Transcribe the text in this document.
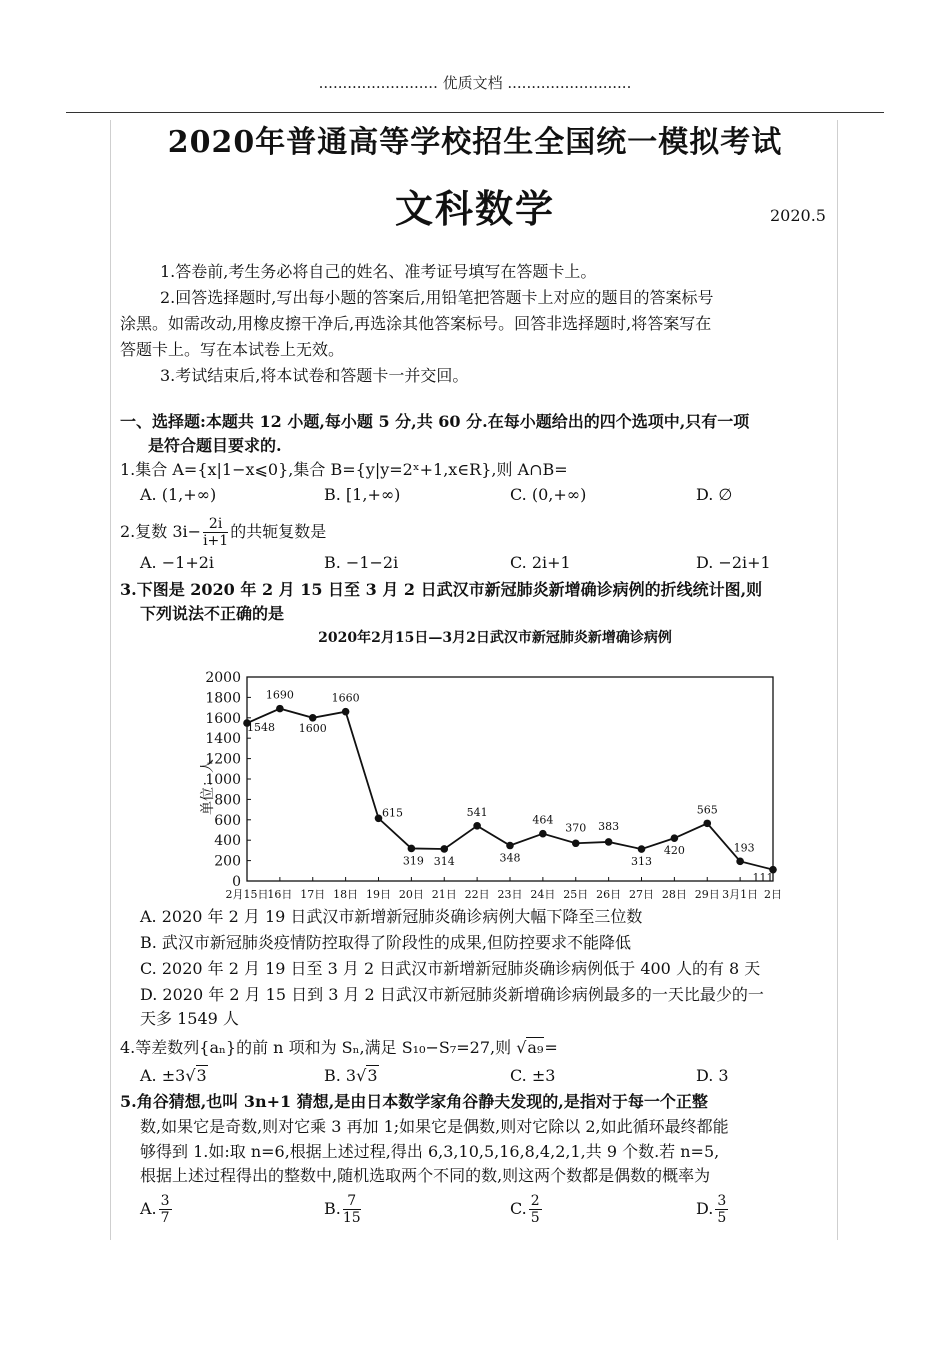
......................... 优质文档 ..........................
2020年普通高等学校招生全国统一模拟考试
文科数学	2020.5
1.答卷前,考生务必将自己的姓名、准考证号填写在答题卡上。
2.回答选择题时,写出每小题的答案后,用铅笔把答题卡上对应的题目的答案标号
涂黑。如需改动,用橡皮擦干净后,再选涂其他答案标号。回答非选择题时,将答案写在
答题卡上。写在本试卷上无效。
3.考试结束后,将本试卷和答题卡一并交回。
一、选择题:本题共 12 小题,每小题 5 分,共 60 分.在每小题给出的四个选项中,只有一项
是符合题目要求的.
1.集合 A={x|1−x⩽0},集合 B={y|y=2ˣ+1,x∈R},则 A∩B=
A. (1,+∞)	B. [1,+∞)	C. (0,+∞)	D. ∅
2.复数 $3i- \frac{2i}{i+1}$ 的共轭复数是
A. −1+2i	B. −1−2i	C. 2i+1	D. −2i+1
3.下图是 2020 年 2 月 15 日至 3 月 2 日武汉市新冠肺炎新增确诊病例的折线统计图,则
下列说法不正确的是
2020年2月15日—3月2日武汉市新冠肺炎新增确诊病例
单位：人
0
200
400
600
800
1000
1200
1400
1600
1800
2000
2月15日
16日 17日 18日 19日 20日 21日 22日 23日 24日 25日 26日 27日 28日 29日 3月1日 2日
1548
1690
1600
1660
615
319 314
541
348
464
370 383
313
420
565
193
111
A. 2020 年 2 月 19 日武汉市新增新冠肺炎确诊病例大幅下降至三位数
B. 武汉市新冠肺炎疫情防控取得了阶段性的成果,但防控要求不能降低
C. 2020 年 2 月 19 日至 3 月 2 日武汉市新增新冠肺炎确诊病例低于 400 人的有 8 天
D. 2020 年 2 月 15 日到 3 月 2 日武汉市新冠肺炎新增确诊病例最多的一天比最少的一
天多 1549 人
4.等差数列{aₙ}的前 n 项和为 Sₙ,满足 S₁₀−S₇=27,则 √a₉=
A. ±3√3	B. 3√3	C. ±3	D. 3
5.角谷猜想,也叫 3n+1 猜想,是由日本数学家角谷静夫发现的,是指对于每一个正整
数,如果它是奇数,则对它乘 3 再加 1;如果它是偶数,则对它除以 2,如此循环最终都能
够得到 1.如:取 n=6,根据上述过程,得出 6,3,10,5,16,8,4,2,1,共 9 个数.若 n=5,
根据上述过程得出的整数中,随机选取两个不同的数,则这两个数都是偶数的概率为
A. $\frac{3}{7}$	B. $\frac{7}{15}$	C. $\frac{2}{5}$	D. $\frac{3}{5}$
